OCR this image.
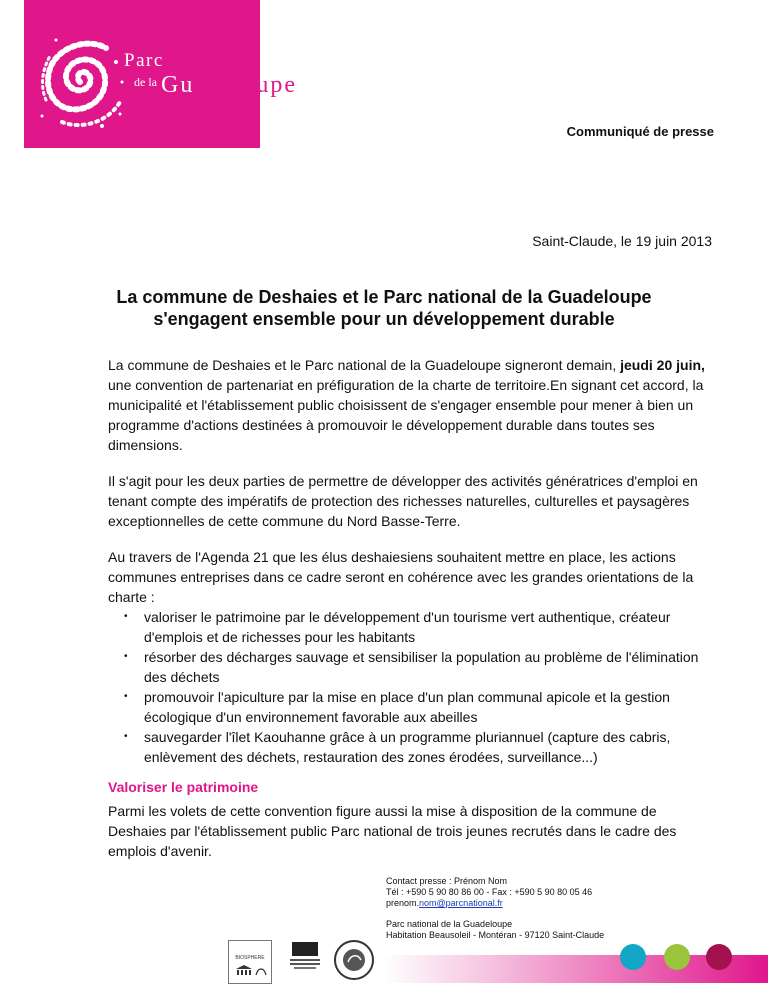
Parc national
$^{de la}$ Guadeloupe
Communiqué de presse
Saint-Claude, le 19 juin 2013
La commune de Deshaies et le Parc national de la Guadeloupe
s'engagent ensemble pour un développement durable

La commune de Deshaies et le Parc national de la Guadeloupe signeront demain, jeudi 20 juin, une convention de partenariat en préfiguration de la charte de territoire.En signant cet accord, la municipalité et l'établissement public choisissent de s'engager ensemble pour mener à bien un programme d'actions destinées à promouvoir le développement durable dans toutes ses dimensions.

Il s'agit pour les deux parties de permettre de développer des activités génératrices d'emploi en tenant compte des impératifs de protection des richesses naturelles, culturelles et paysagères exceptionnelles de cette commune du Nord Basse-Terre.

Au travers de l'Agenda 21 que les élus deshaiesiens souhaitent mettre en place, les actions communes entreprises dans ce cadre seront en cohérence avec les grandes orientations de la charte :

• valoriser le patrimoine par le développement d'un tourisme vert authentique, créateur d'emplois et de richesses pour les habitants
• résorber des décharges sauvage et sensibiliser la population au problème de l'élimination des déchets
• promouvoir l'apiculture par la mise en place d'un plan communal apicole et la gestion écologique d'un environnement favorable aux abeilles
• sauvegarder l'îlet Kaouhanne grâce à un programme pluriannuel (capture des cabris, enlèvement des déchets, restauration des zones érodées, surveillance...)
Valoriser le patrimoine

Parmi les volets de cette convention figure aussi la mise à disposition de la commune de Deshaies par l'établissement public Parc national de trois jeunes recrutés dans le cadre des emplois d'avenir.

Contact presse : Prénom Nom
Tél : +590 5 90 80 86 00 - Fax : +590 5 90 80 05 46
prenom.nom@parcnational.fr
Parc national de la Guadeloupe
Habitation Beausoleil - Montéran - 97120 Saint-Claude
BIOSPHERE
